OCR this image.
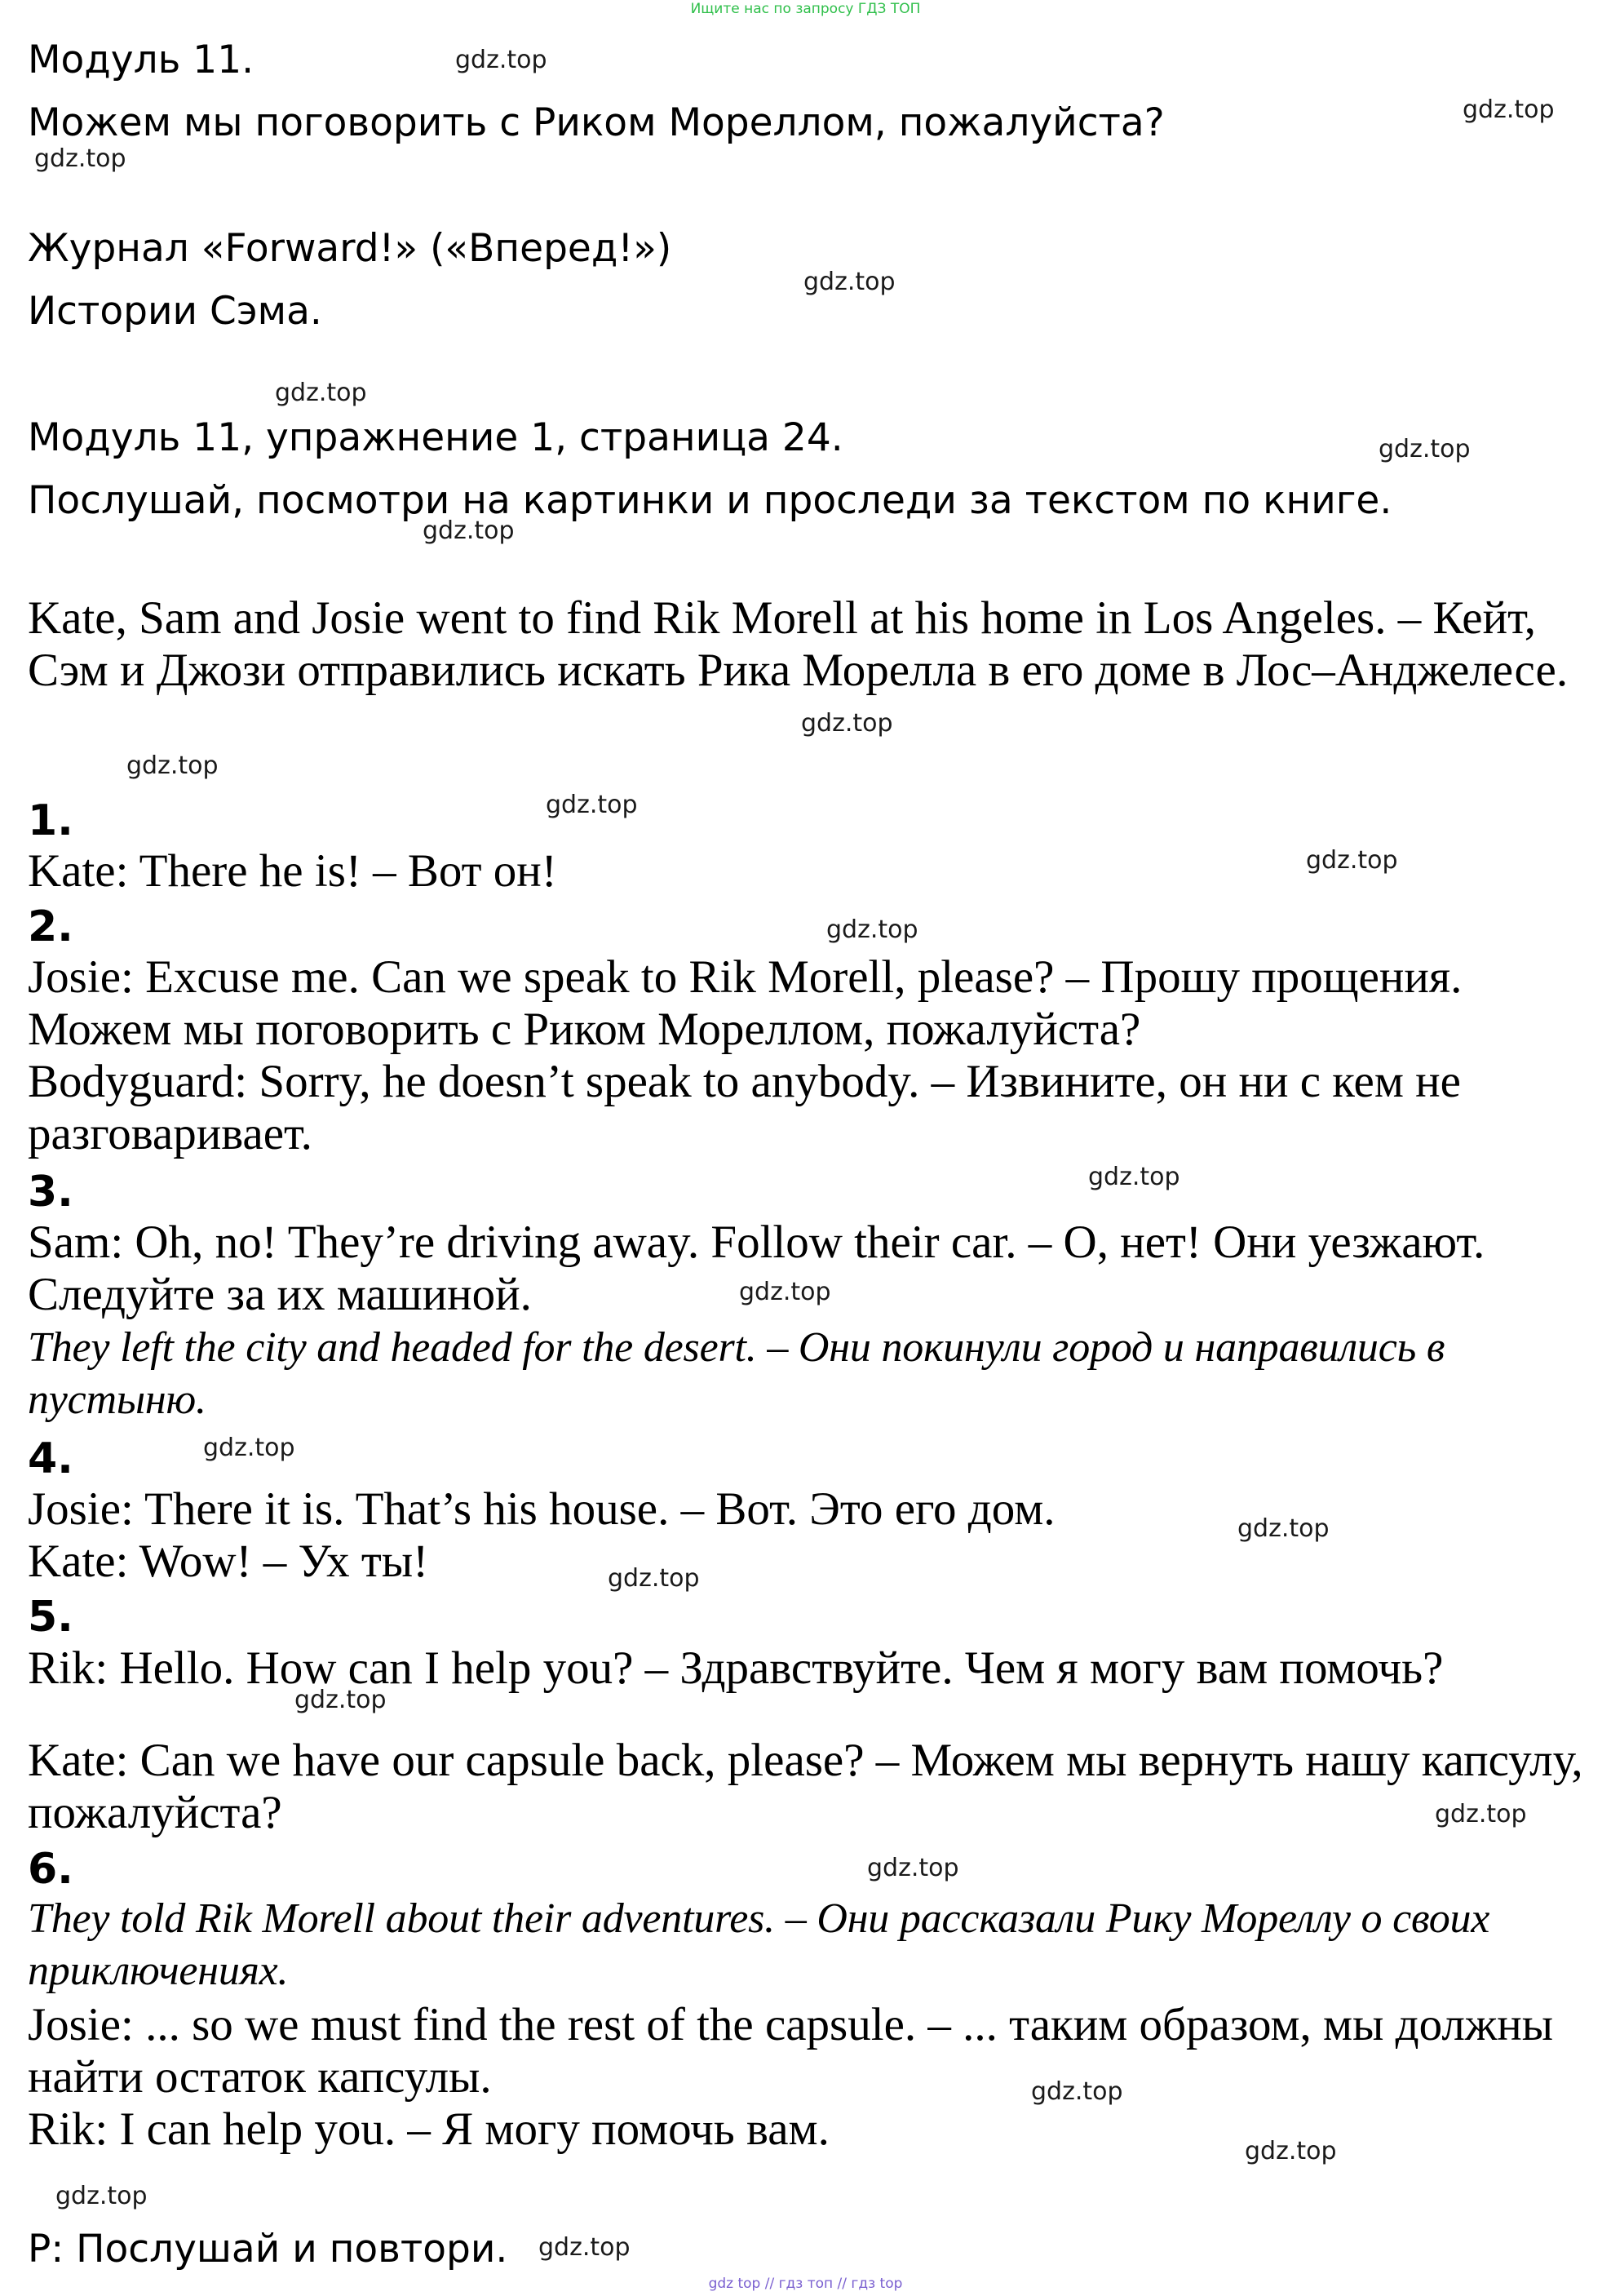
Ищите нас по запросу ГДЗ ТОП
Модуль 11.
Можем мы поговорить с Риком Мореллом, пожалуйста?
Журнал «Forward!» («Вперед!»)
Истории Сэма.
Модуль 11, упражнение 1, страница 24.
Послушай, посмотри на картинки и проследи за текстом по книге.

Kate, Sam and Josie went to find Rik Morell at his home in Los Angeles. – Кейт, Сэм и Джози отправились искать Рика Морелла в его доме в Лос–Анджелесе.

1.

Kate: There he is! – Вот он!

2.

Josie: Excuse me. Can we speak to Rik Morell, please? – Прошу прощения. Можем мы поговорить с Риком Мореллом, пожалуйста?

Bodyguard: Sorry, he doesn’t speak to anybody. – Извините, он ни с кем не разговаривает.

3.

Sam: Oh, no! They’re driving away. Follow their car. – О, нет! Они уезжают. Следуйте за их машиной.

They left the city and headed for the desert. – Они покинули город и направились в пустыню.

4.

Josie: There it is. That’s his house. – Вот. Это его дом.

Kate: Wow! – Ух ты!

5.

Rik: Hello. How can I help you? – Здравствуйте. Чем я могу вам помочь?

Kate: Can we have our capsule back, please? – Можем мы вернуть нашу капсулу, пожалуйста?

6.

They told Rik Morell about their adventures. – Они рассказали Рику Мореллу о своих приключениях.

Josie: ... so we must find the rest of the capsule. – ... таким образом, мы должны найти остаток капсулы.

Rik: I can help you. – Я могу помочь вам.

P: Послушай и повтори.
gdz.top
gdz.top
gdz.top
gdz.top
gdz.top
gdz.top
gdz.top
gdz.top
gdz.top
gdz.top
gdz.top
gdz.top
gdz.top
gdz.top
gdz.top
gdz.top
gdz.top
gdz.top
gdz.top
gdz.top
gdz.top
gdz.top
gdz.top
gdz.top
gdz top // гдз топ // гдз top
